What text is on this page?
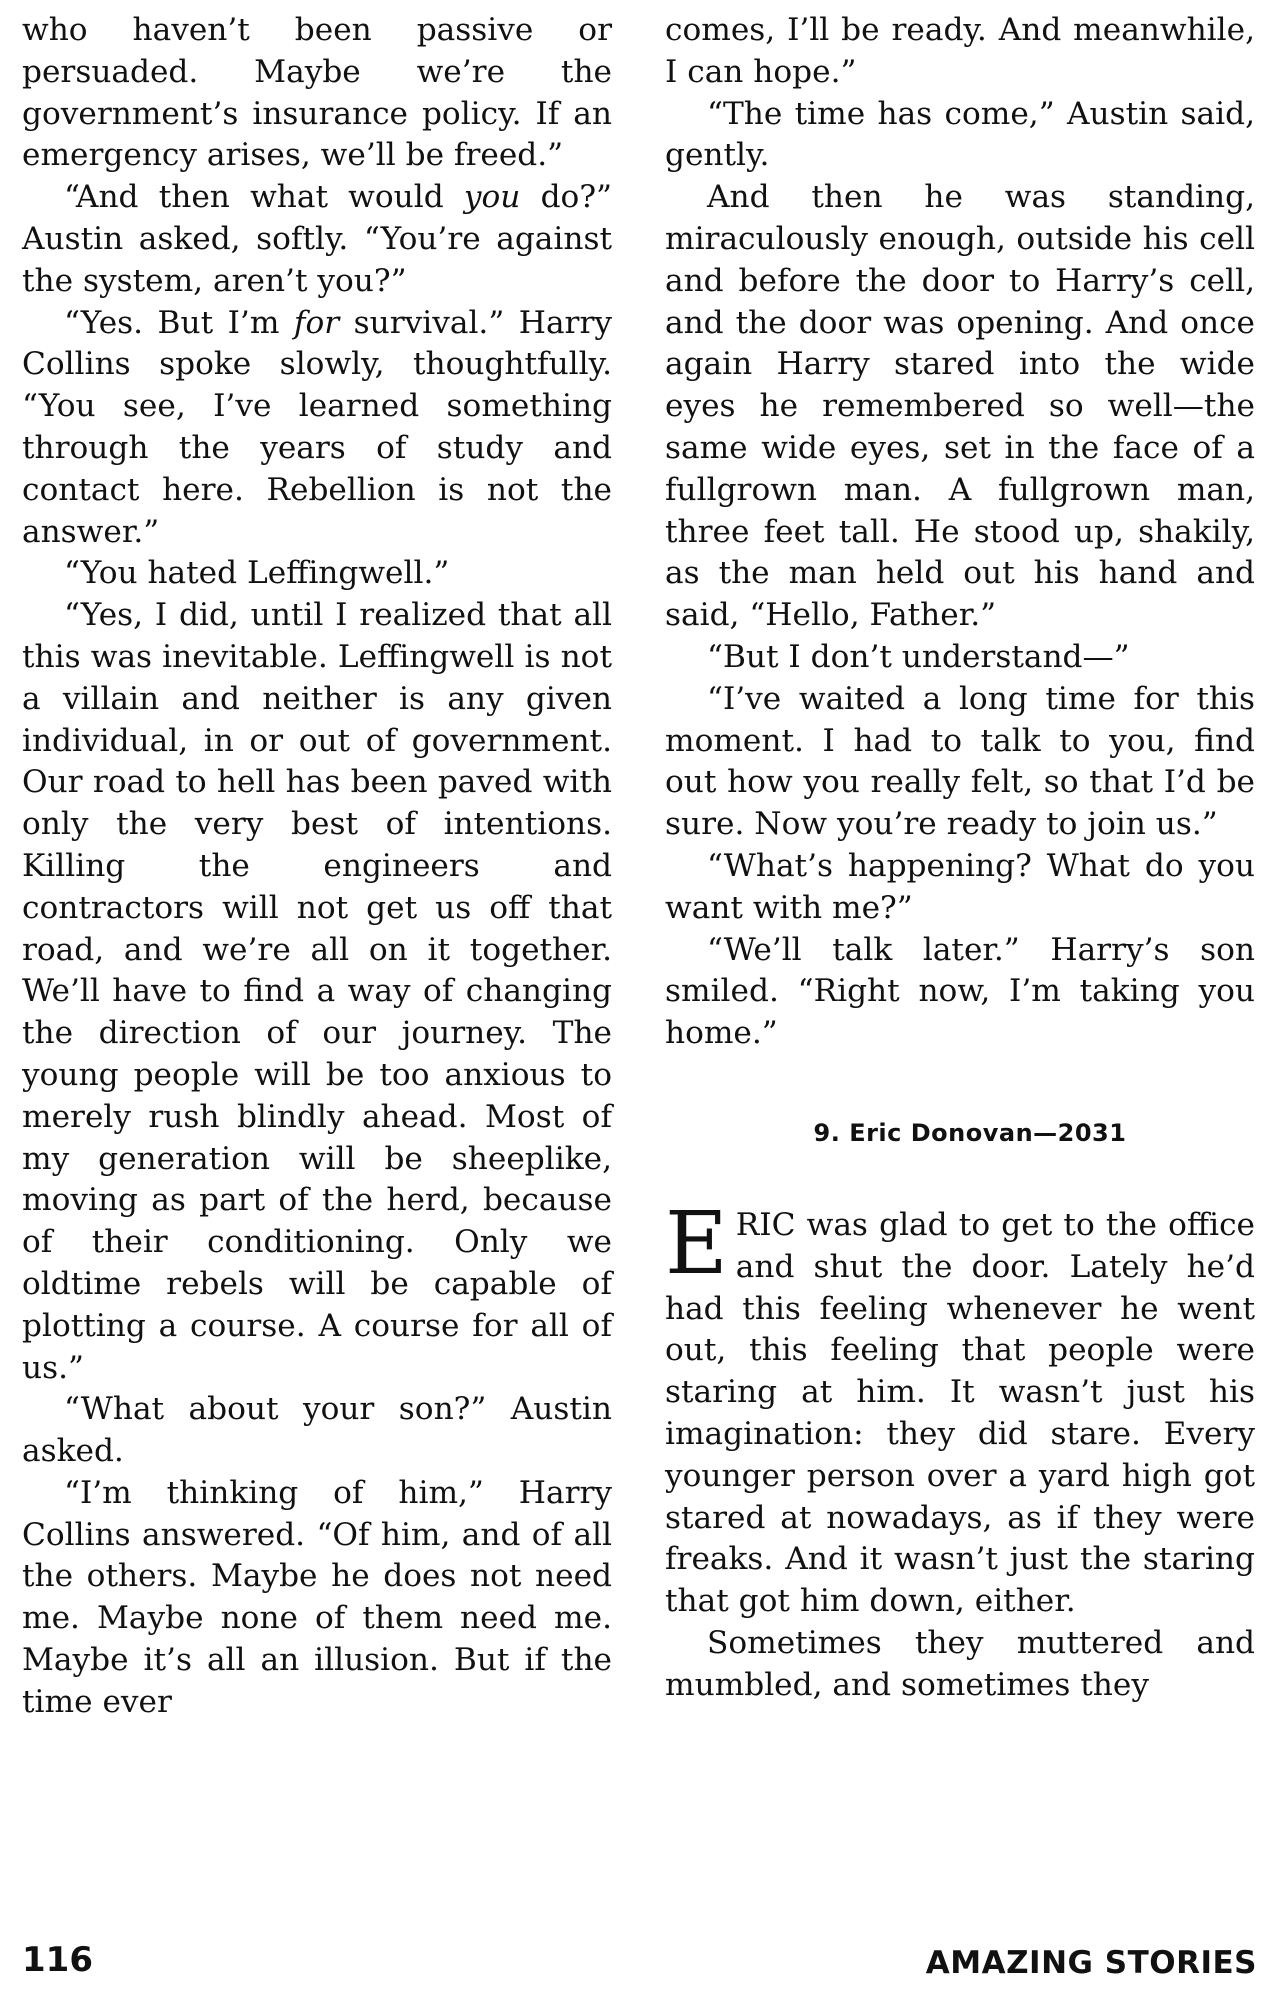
who haven’t been passive or persuaded. Maybe we’re the government’s insurance policy. If an emergency arises, we’ll be freed.”

“And then what would you do?” Austin asked, softly. “You’re against the system, aren’t you?”

“Yes. But I’m for survival.” Harry Collins spoke slowly, thoughtfully. “You see, I’ve learned something through the years of study and contact here. Rebellion is not the answer.”

“You hated Leffingwell.”

“Yes, I did, until I realized that all this was inevitable. Leffingwell is not a villain and neither is any given individual, in or out of government. Our road to hell has been paved with only the very best of intentions. Killing the engineers and contractors will not get us off that road, and we’re all on it together. We’ll have to find a way of changing the direction of our journey. The young people will be too anxious to merely rush blindly ahead. Most of my generation will be sheeplike, moving as part of the herd, because of their conditioning. Only we oldtime rebels will be capable of plotting a course. A course for all of us.”

“What about your son?” Austin asked.

“I’m thinking of him,” Harry Collins answered. “Of him, and of all the others. Maybe he does not need me. Maybe none of them need me. Maybe it’s all an illusion. But if the time ever

comes, I’ll be ready. And meanwhile, I can hope.”

“The time has come,” Austin said, gently.

And then he was standing, miraculously enough, outside his cell and before the door to Harry’s cell, and the door was opening. And once again Harry stared into the wide eyes he remembered so well—the same wide eyes, set in the face of a fullgrown man. A fullgrown man, three feet tall. He stood up, shakily, as the man held out his hand and said, “Hello, Father.”

“But I don’t understand—”

“I’ve waited a long time for this moment. I had to talk to you, find out how you really felt, so that I’d be sure. Now you’re ready to join us.”

“What’s happening? What do you want with me?”

“We’ll talk later.” Harry’s son smiled. “Right now, I’m taking you home.”

9. Eric Donovan—2031

ERIC was glad to get to the office and shut the door. Lately he’d had this feeling whenever he went out, this feeling that people were staring at him. It wasn’t just his imagination: they did stare. Every younger person over a yard high got stared at nowadays, as if they were freaks. And it wasn’t just the staring that got him down, either.

Sometimes they muttered and mumbled, and sometimes they

116	AMAZING STORIES
